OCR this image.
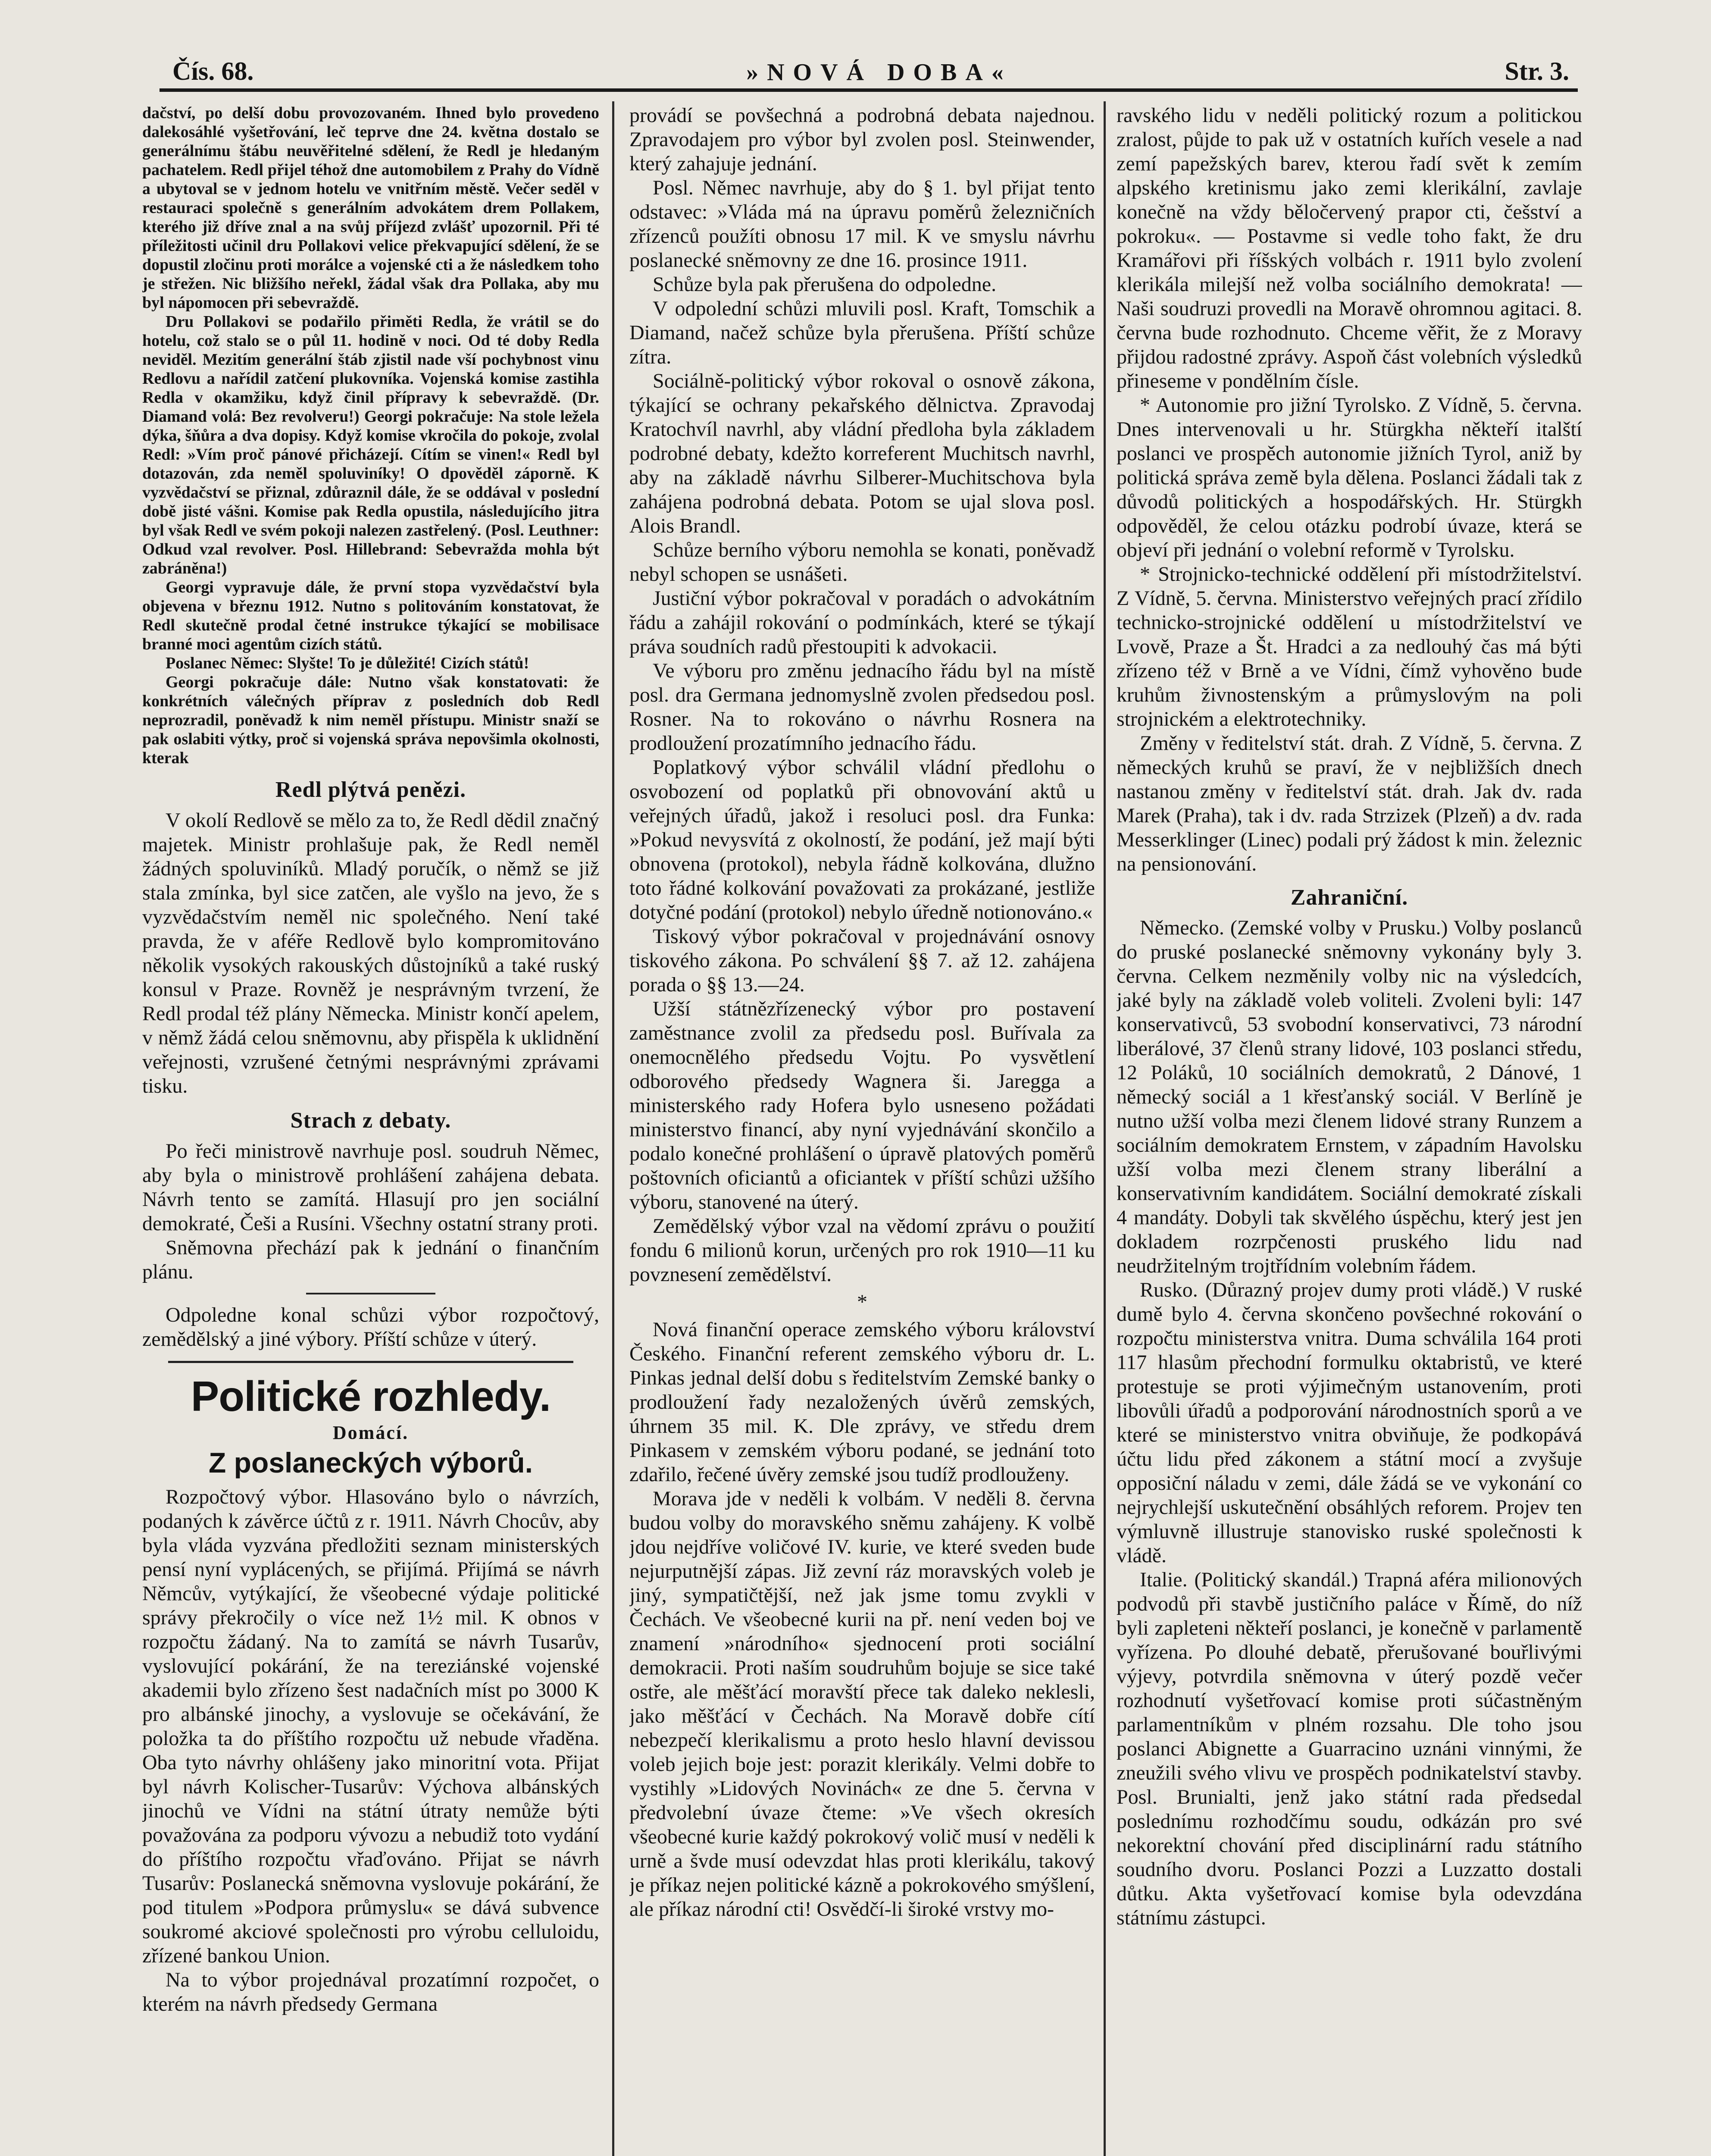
Čís. 68.	»NOVÁ DOBA«	Str. 3.

dačství, po delší dobu provozovaném. Ihned bylo provedeno dalekosáhlé vyšetřování, leč teprve dne 24. května dostalo se generálnímu štábu neuvěřitelné sdělení, že Redl je hledaným pachatelem. Redl přijel téhož dne automobilem z Prahy do Vídně a ubytoval se v jednom hotelu ve vnitřním městě. Večer seděl v restauraci společně s generálním advokátem drem Pollakem, kterého již dříve znal a na svůj příjezd zvlášť upozornil. Při té příležitosti učinil dru Pollakovi velice překvapující sdělení, že se dopustil zločinu proti morálce a vojenské cti a že následkem toho je střežen. Nic bližšího neřekl, žádal však dra Pollaka, aby mu byl nápomocen při sebevraždě.

Dru Pollakovi se podařilo přiměti Redla, že vrátil se do hotelu, což stalo se o půl 11. hodině v noci. Od té doby Redla neviděl. Mezitím generální štáb zjistil nade vší pochybnost vinu Redlovu a nařídil zatčení plukovníka. Vojenská komise zastihla Redla v okamžiku, když činil přípravy k sebevraždě. (Dr. Diamand volá: Bez revolveru!) Georgi pokračuje: Na stole ležela dýka, šňůra a dva dopisy. Když komise vkročila do pokoje, zvolal Redl: »Vím proč pánové přicházejí. Cítím se vinen!« Redl byl dotazován, zda neměl spoluviníky! O dpověděl záporně. K vyzvědačství se přiznal, zdůraznil dále, že se oddával v poslední době jisté vášni. Komise pak Redla opustila, následujícího jitra byl však Redl ve svém pokoji nalezen zastřelený. (Posl. Leuthner: Odkud vzal revolver. Posl. Hillebrand: Sebevražda mohla být zabráněna!)

Georgi vypravuje dále, že první stopa vyzvědačství byla objevena v březnu 1912. Nutno s politováním konstatovat, že Redl skutečně prodal četné instrukce týkající se mobilisace branné moci agentům cizích států.

Poslanec Němec: Slyšte! To je důležité! Cizích států!

Georgi pokračuje dále: Nutno však konstatovati: že konkrétních válečných příprav z posledních dob Redl neprozradil, poněvadž k nim neměl přístupu. Ministr snaží se pak oslabiti výtky, proč si vojenská správa nepovšimla okolnosti, kterak

Redl plýtvá penězi.

V okolí Redlově se mělo za to, že Redl dědil značný majetek. Ministr prohlašuje pak, že Redl neměl žádných spoluviníků. Mladý poručík, o němž se již stala zmínka, byl sice zatčen, ale vyšlo na jevo, že s vyzvědačstvím neměl nic společného. Není také pravda, že v aféře Redlově bylo kompromitováno několik vysokých rakouských důstojníků a také ruský konsul v Praze. Rovněž je nesprávným tvrzení, že Redl prodal též plány Německa. Ministr končí apelem, v němž žádá celou sněmovnu, aby přispěla k uklidnění veřejnosti, vzrušené četnými nesprávnými zprávami tisku.

Strach z debaty.

Po řeči ministrově navrhuje posl. soudruh Němec, aby byla o ministrově prohlášení zahájena debata. Návrh tento se zamítá. Hlasují pro jen sociální demokraté, Češi a Rusíni. Všechny ostatní strany proti.

Sněmovna přechází pak k jednání o finančním plánu.

Odpoledne konal schůzi výbor rozpočtový, zemědělský a jiné výbory. Příští schůze v úterý.

Politické rozhledy.
Domácí.
Z poslaneckých výborů.

Rozpočtový výbor. Hlasováno bylo o návrzích, podaných k závěrce účtů z r. 1911. Návrh Chocův, aby byla vláda vyzvána předložiti seznam ministerských pensí nyní vyplácených, se přijímá. Přijímá se návrh Němcův, vytýkající, že všeobecné výdaje politické správy překročily o více než 1½ mil. K obnos v rozpočtu žádaný. Na to zamítá se návrh Tusarův, vyslovující pokárání, že na tereziánské vojenské akademii bylo zřízeno šest nadačních míst po 3000 K pro albánské jinochy, a vyslovuje se očekávání, že položka ta do příštího rozpočtu už nebude vřaděna. Oba tyto návrhy ohlášeny jako minoritní vota. Přijat byl návrh Kolischer-Tusarův: Výchova albánských jinochů ve Vídni na státní útraty nemůže býti považována za podporu vývozu a nebudiž toto vydání do příštího rozpočtu vřaďováno. Přijat se návrh Tusarův: Poslanecká sněmovna vyslovuje pokárání, že pod titulem »Podpora průmyslu« se dává subvence soukromé akciové společnosti pro výrobu celluloidu, zřízené bankou Union.

Na to výbor projednával prozatímní rozpočet, o kterém na návrh předsedy Germana

provádí se povšechná a podrobná debata najednou. Zpravodajem pro výbor byl zvolen posl. Steinwender, který zahajuje jednání.

Posl. Němec navrhuje, aby do § 1. byl přijat tento odstavec: »Vláda má na úpravu poměrů železničních zřízenců použíti obnosu 17 mil. K ve smyslu návrhu poslanecké sněmovny ze dne 16. prosince 1911.

Schůze byla pak přerušena do odpoledne.

V odpolední schůzi mluvili posl. Kraft, Tomschik a Diamand, načež schůze byla přerušena. Příští schůze zítra.

Sociálně-politický výbor rokoval o osnově zákona, týkající se ochrany pekařského dělnictva. Zpravodaj Kratochvíl navrhl, aby vládní předloha byla základem podrobné debaty, kdežto korreferent Muchitsch navrhl, aby na základě návrhu Silberer-Muchitschova byla zahájena podrobná debata. Potom se ujal slova posl. Alois Brandl.

Schůze berního výboru nemohla se konati, poněvadž nebyl schopen se usnášeti.

Justiční výbor pokračoval v poradách o advokátním řádu a zahájil rokování o podmínkách, které se týkají práva soudních radů přestoupiti k advokacii.

Ve výboru pro změnu jednacího řádu byl na místě posl. dra Germana jednomyslně zvolen předsedou posl. Rosner. Na to rokováno o návrhu Rosnera na prodloužení prozatímního jednacího řádu.

Poplatkový výbor schválil vládní předlohu o osvobození od poplatků při obnovování aktů u veřejných úřadů, jakož i resoluci posl. dra Funka: »Pokud nevysvítá z okolností, že podání, jež mají býti obnovena (protokol), nebyla řádně kolkována, dlužno toto řádné kolkování považovati za prokázané, jestliže dotyčné podání (protokol) nebylo úředně notionováno.«

Tiskový výbor pokračoval v projednávání osnovy tiskového zákona. Po schválení §§ 7. až 12. zahájena porada o §§ 13.—24.

Užší státnězřízenecký výbor pro postavení zaměstnance zvolil za předsedu posl. Buřívala za onemocnělého předsedu Vojtu. Po vysvětlení odborového předsedy Wagnera ši. Jaregga a ministerského rady Hofera bylo usneseno požádati ministerstvo financí, aby nyní vyjednávání skončilo a podalo konečné prohlášení o úpravě platových poměrů poštovních oficiantů a oficiantek v příští schůzi užšího výboru, stanovené na úterý.

Zemědělský výbor vzal na vědomí zprávu o použití fondu 6 milionů korun, určených pro rok 1910—11 ku povznesení zemědělství.

*

Nová finanční operace zemského výboru království Českého. Finanční referent zemského výboru dr. L. Pinkas jednal delší dobu s ředitelstvím Zemské banky o prodloužení řady nezaložených úvěrů zemských, úhrnem 35 mil. K. Dle zprávy, ve středu drem Pinkasem v zemském výboru podané, se jednání toto zdařilo, řečené úvěry zemské jsou tudíž prodlouženy.

Morava jde v neděli k volbám. V neděli 8. června budou volby do moravského sněmu zahájeny. K volbě jdou nejdříve voličové IV. kurie, ve které sveden bude nejurputnější zápas. Již zevní ráz moravských voleb je jiný, sympatičtější, než jak jsme tomu zvykli v Čechách. Ve všeobecné kurii na př. není veden boj ve znamení »národního« sjednocení proti sociální demokracii. Proti naším soudruhům bojuje se sice také ostře, ale měšťácí moravští přece tak daleko neklesli, jako měšťácí v Čechách. Na Moravě dobře cítí nebezpečí klerikalismu a proto heslo hlavní devissou voleb jejich boje jest: porazit klerikály. Velmi dobře to vystihly »Lidových Novinách« ze dne 5. června v předvolební úvaze čteme: »Ve všech okresích všeobecné kurie každý pokrokový volič musí v neděli k urně a švde musí odevzdat hlas proti klerikálu, takový je příkaz nejen politické kázně a pokrokového smýšlení, ale příkaz národní cti! Osvědčí-li široké vrstvy mo-

ravského lidu v neděli politický rozum a politickou zralost, půjde to pak už v ostatních kuřích vesele a nad zemí papežských barev, kterou řadí svět k zemím alpského kretinismu jako zemi klerikální, zavlaje konečně na vždy běločervený prapor cti, češství a pokroku«. — Postavme si vedle toho fakt, že dru Kramářovi při říšských volbách r. 1911 bylo zvolení klerikála milejší než volba sociálního demokrata! — Naši soudruzi provedli na Moravě ohromnou agitaci. 8. června bude rozhodnuto. Chceme věřit, že z Moravy přijdou radostné zprávy. Aspoň část volebních výsledků přineseme v pondělním čísle.

* Autonomie pro jižní Tyrolsko. Z Vídně, 5. června. Dnes intervenovali u hr. Stürgkha někteří italští poslanci ve prospěch autonomie jižních Tyrol, aniž by politická správa země byla dělena. Poslanci žádali tak z důvodů politických a hospodářských. Hr. Stürgkh odpověděl, že celou otázku podrobí úvaze, která se objeví při jednání o volební reformě v Tyrolsku.

* Strojnicko-technické oddělení při místodržitelství. Z Vídně, 5. června. Ministerstvo veřejných prací zřídilo technicko-strojnické oddělení u místodržitelství ve Lvově, Praze a Št. Hradci a za nedlouhý čas má býti zřízeno též v Brně a ve Vídni, čímž vyhověno bude kruhům živnostenským a průmyslovým na poli strojnickém a elektrotechniky.

Změny v ředitelství stát. drah. Z Vídně, 5. června. Z německých kruhů se praví, že v nejbližších dnech nastanou změny v ředitelství stát. drah. Jak dv. rada Marek (Praha), tak i dv. rada Strzizek (Plzeň) a dv. rada Messerklinger (Linec) podali prý žádost k min. železnic na pensionování.

Zahraniční.

Německo. (Zemské volby v Prusku.) Volby poslanců do pruské poslanecké sněmovny vykonány byly 3. června. Celkem nezměnily volby nic na výsledcích, jaké byly na základě voleb voliteli. Zvoleni byli: 147 konservativců, 53 svobodní konservativci, 73 národní liberálové, 37 členů strany lidové, 103 poslanci středu, 12 Poláků, 10 sociálních demokratů, 2 Dánové, 1 německý sociál a 1 křesťanský sociál. V Berlíně je nutno užší volba mezi členem lidové strany Runzem a sociálním demokratem Ernstem, v západním Havolsku užší volba mezi členem strany liberální a konservativním kandidátem. Sociální demokraté získali 4 mandáty. Dobyli tak skvělého úspěchu, který jest jen dokladem rozrpčenosti pruského lidu nad neudržitelným trojtřídním volebním řádem.

Rusko. (Důrazný projev dumy proti vládě.) V ruské dumě bylo 4. června skončeno povšechné rokování o rozpočtu ministerstva vnitra. Duma schválila 164 proti 117 hlasům přechodní formulku oktabristů, ve které protestuje se proti výjimečným ustanovením, proti libovůli úřadů a podporování národnostních sporů a ve které se ministerstvo vnitra obviňuje, že podkopává účtu lidu před zákonem a státní mocí a zvyšuje opposiční náladu v zemi, dále žádá se ve vykonání co nejrychlejší uskutečnění obsáhlých reforem. Projev ten výmluvně illustruje stanovisko ruské společnosti k vládě.

Italie. (Politický skandál.) Trapná aféra milionových podvodů při stavbě justičního paláce v Římě, do níž byli zapleteni někteří poslanci, je konečně v parlamentě vyřízena. Po dlouhé debatě, přerušované bouřlivými výjevy, potvrdila sněmovna v úterý pozdě večer rozhodnutí vyšetřovací komise proti súčastněným parlamentníkům v plném rozsahu. Dle toho jsou poslanci Abignette a Guarracino uznáni vinnými, že zneužili svého vlivu ve prospěch podnikatelství stavby. Posl. Brunialti, jenž jako státní rada předsedal poslednímu rozhodčímu soudu, odkázán pro své nekorektní chování před disciplinární radu státního soudního dvoru. Poslanci Pozzi a Luzzatto dostali důtku. Akta vyšetřovací komise byla odevzdána státnímu zástupci.
